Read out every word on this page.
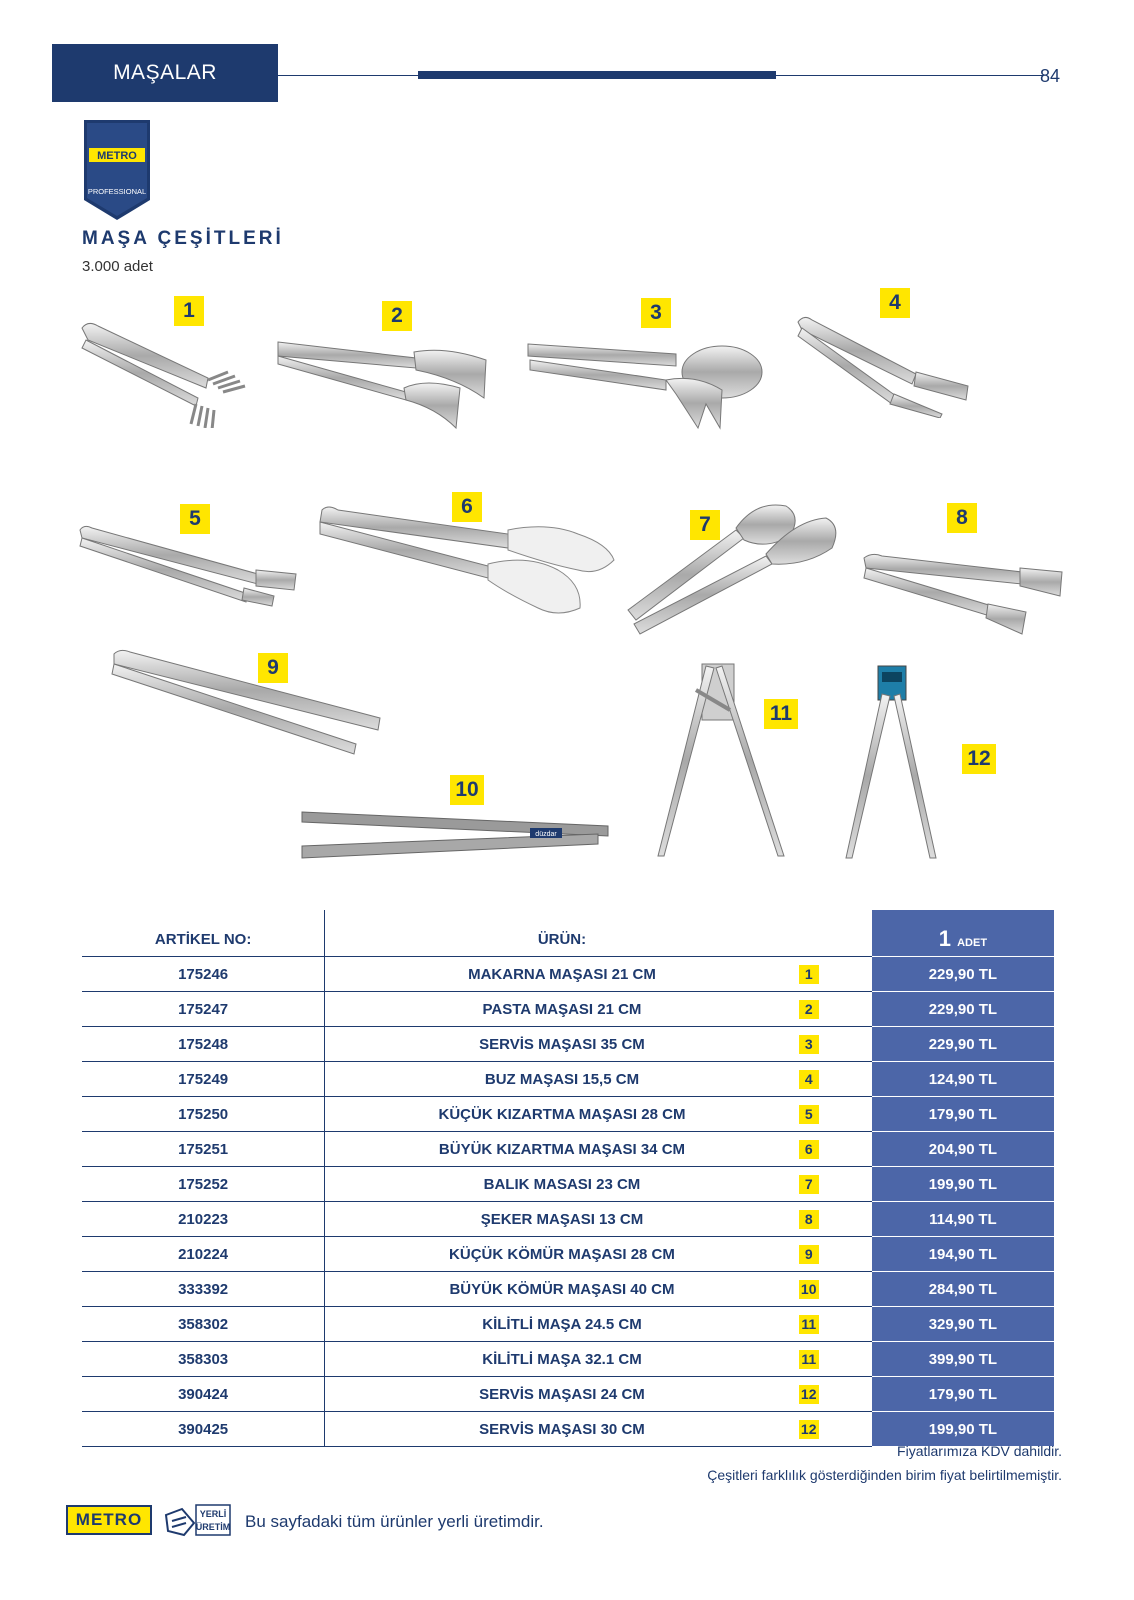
MAŞALAR	84
METRO
PROFESSIONAL
MAŞA ÇEŞİTLERİ
3.000 adet
1	2	3	4
5
6
7	8
9
düzdar
10
11
12
ARTİKEL NO:	ÜRÜN:		1 ADET
175246	MAKARNA MAŞASI 21 CM	1	229,90 TL
175247	PASTA MAŞASI 21 CM	2	229,90 TL
175248	SERVİS MAŞASI 35 CM	3	229,90 TL
175249	BUZ MAŞASI 15,5 CM	4	124,90 TL
175250	KÜÇÜK KIZARTMA MAŞASI 28 CM	5	179,90 TL
175251	BÜYÜK KIZARTMA MAŞASI 34 CM	6	204,90 TL
175252	BALIK MASASI 23 CM	7	199,90 TL
210223	ŞEKER MAŞASI 13 CM	8	114,90 TL
210224	KÜÇÜK KÖMÜR MAŞASI 28 CM	9	194,90 TL
333392	BÜYÜK KÖMÜR MAŞASI 40 CM	10	284,90 TL
358302	KİLİTLİ MAŞA 24.5 CM	11	329,90 TL
358303	KİLİTLİ MAŞA 32.1 CM	11	399,90 TL
390424	SERVİS MAŞASI 24 CM	12	179,90 TL
390425	SERVİS MAŞASI 30 CM	12	199,90 TL
Fiyatlarımıza KDV dahildir.
Çeşitleri farklılık gösterdiğinden birim fiyat belirtilmemiştir.
METRO	YERLİ
ÜRETİM Bu sayfadaki tüm ürünler yerli üretimdir.
